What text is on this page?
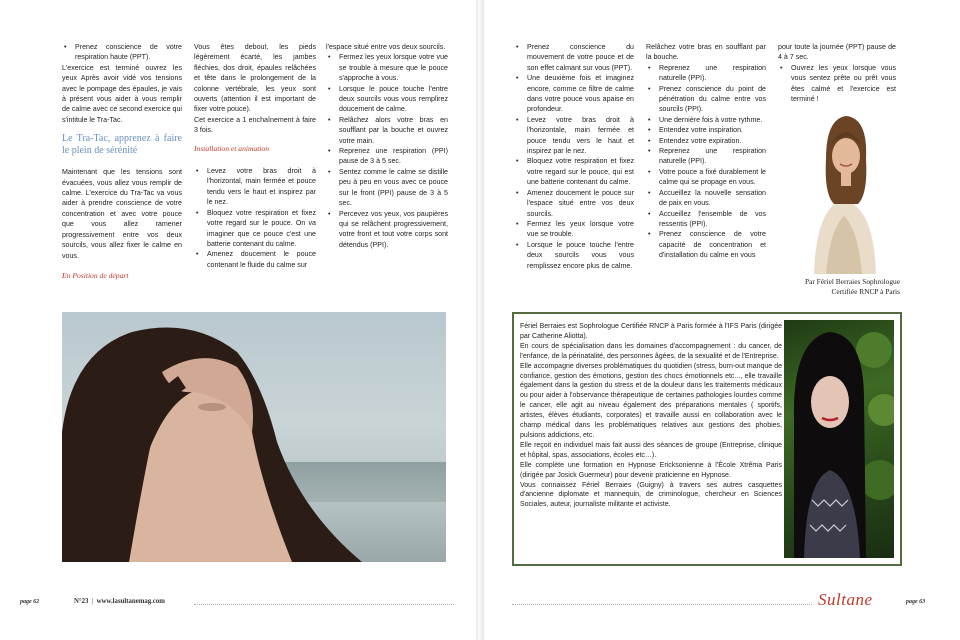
• Prenez conscience de votre respiration haute (PPT).

L'exercice est terminé ouvrez les yeux Après avoir vidé vos tensions avec le pompage des épaules, je vais à présent vous aider à vous remplir de calme avec ce second exercice qui s'intitule le Tra-Tac.

Le Tra-Tac, apprenez à faire le plein de sérénité

Maintenant que les tensions sont évacuées, vous allez vous remplir de calme. L'exercice du Tra-Tac va vous aider à prendre conscience de votre concentration et avec votre pouce que vous allez ramener progressivement entre vos deux sourcils, vous allez fixer le calme en vous.

En Position de départ

Vous êtes debout, les pieds légèrement écarté, les jambes fléchies, dos droit, épaules relâchées et tête dans le prolongement de la colonne vertébrale, les yeux sont ouverts (attention il est important de fixer votre pouce).

Cet exercice a 1 enchaînement à faire 3 fois.

Installation et animation

• Levez votre bras droit à l'horizontal, main fermée et pouce tendu vers le haut et inspirez par le nez.

• Bloquez votre respiration et fixez votre regard sur le pouce. On va imaginer que ce pouce c'est une batterie contenant du calme.

• Amenez doucement le pouce contenant le fluide du calme sur

l'espace situé entre vos deux sourcils.

• Fermez les yeux lorsque votre vue se trouble à mesure que le pouce s'approche à vous.

• Lorsque le pouce touche l'entre deux sourcils vous vous remplirez doucement de calme.

• Relâchez alors votre bras en soufflant par la bouche et ouvrez votre main.

• Reprenez une respiration (PPI) pause de 3 à 5 sec.

• Sentez comme le calme se distille peu à peu en vous avec ce pouce sur le front (PPI) pause de 3 à 5 sec.

• Percevez vos yeux, vos paupières qui se relâchent progressivement, votre front et tout votre corps sont détendus (PPI).

page 62	N°23  |  www.lasultanemag.com

• Prenez conscience du mouvement de votre pouce et de son effet calmant sur vous (PPT).

• Une deuxième fois et imaginez encore, comme ce filtre de calme dans votre pouce vous apaise en profondeur.

• Levez votre bras droit à l'horizontale, main fermée et pouce tendu vers le haut et inspirez par le nez.

• Bloquez votre respiration et fixez votre regard sur le pouce, qui est une batterie contenant du calme.

• Amenez doucement le pouce sur l'espace situé entre vos deux sourcils.

• Fermez les yeux lorsque votre vue se trouble.

• Lorsque le pouce touche l'entre deux sourcils vous vous remplissez encore plus de calme.

Relâchez votre bras en soufflant par la bouche.

• Reprenez une respiration naturelle (PPI).

• Prenez conscience du point de pénétration du calme entre vos sourcils (PPI).

• Une dernière fois à votre rythme.

• Entendez votre inspiration.

• Entendez votre expiration.

• Reprenez une respiration naturelle (PPI).

• Votre pouce a fixé durablement le calme qui se propage en vous.

• Accueillez la nouvelle sensation de paix en vous.

• Accueillez l'ensemble de vos ressentis (PPI).

• Prenez conscience de votre capacité de concentration et d'installation du calme en vous

pour toute la journée (PPT) pause de 4 à 7 sec.

• Ouvrez les yeux lorsque vous vous sentez prête ou prêt vous êtes calmé et l'exercice est terminé !

Par Fériel Berraies Sophrologue
Certifiée RNCP à Paris

Fériel Berraies est Sophrologue Certifiée RNCP à Paris formée à l'IFS Paris (dirigée par Catherine Aliotta).

En cours de spécialisation dans les domaines d'accompagnement : du cancer, de l'enfance, de la périnatalité, des personnes âgées, de la sexualité et de l'Entreprise.

Elle accompagne diverses problématiques du quotidien (stress, burn-out manque de confiance, gestion des émotions, gestion des chocs émotionnels etc..., elle travaille également dans la gestion du stress et de la douleur dans les traitements médicaux ou pour aider à l'observance thérapeutique de certaines pathologies lourdes comme le cancer, elle agit au niveau également des préparations mentales ( sportifs, artistes, élèves étudiants, corporates) et travaille aussi en collaboration avec le champ médical dans les problématiques relatives aux gestions des phobies, pulsions addictions, etc.

Elle reçoit en individuel mais fait aussi des séances de groupe (Entreprise, clinique et hôpital, spas, associations, écoles etc…).

Elle complète une formation en Hypnose Ericksonienne à l'École Xtrêma Paris (dirigée par Josick Guermeur) pour devenir praticienne en Hypnose.

Vous connaissez Fériel Berraies (Guigny) à travers ses autres casquettes d'ancienne diplomate et mannequin, de criminologue, chercheur en Sciences Sociales, auteur, journaliste militante et activiste.

Sultane	page 63
